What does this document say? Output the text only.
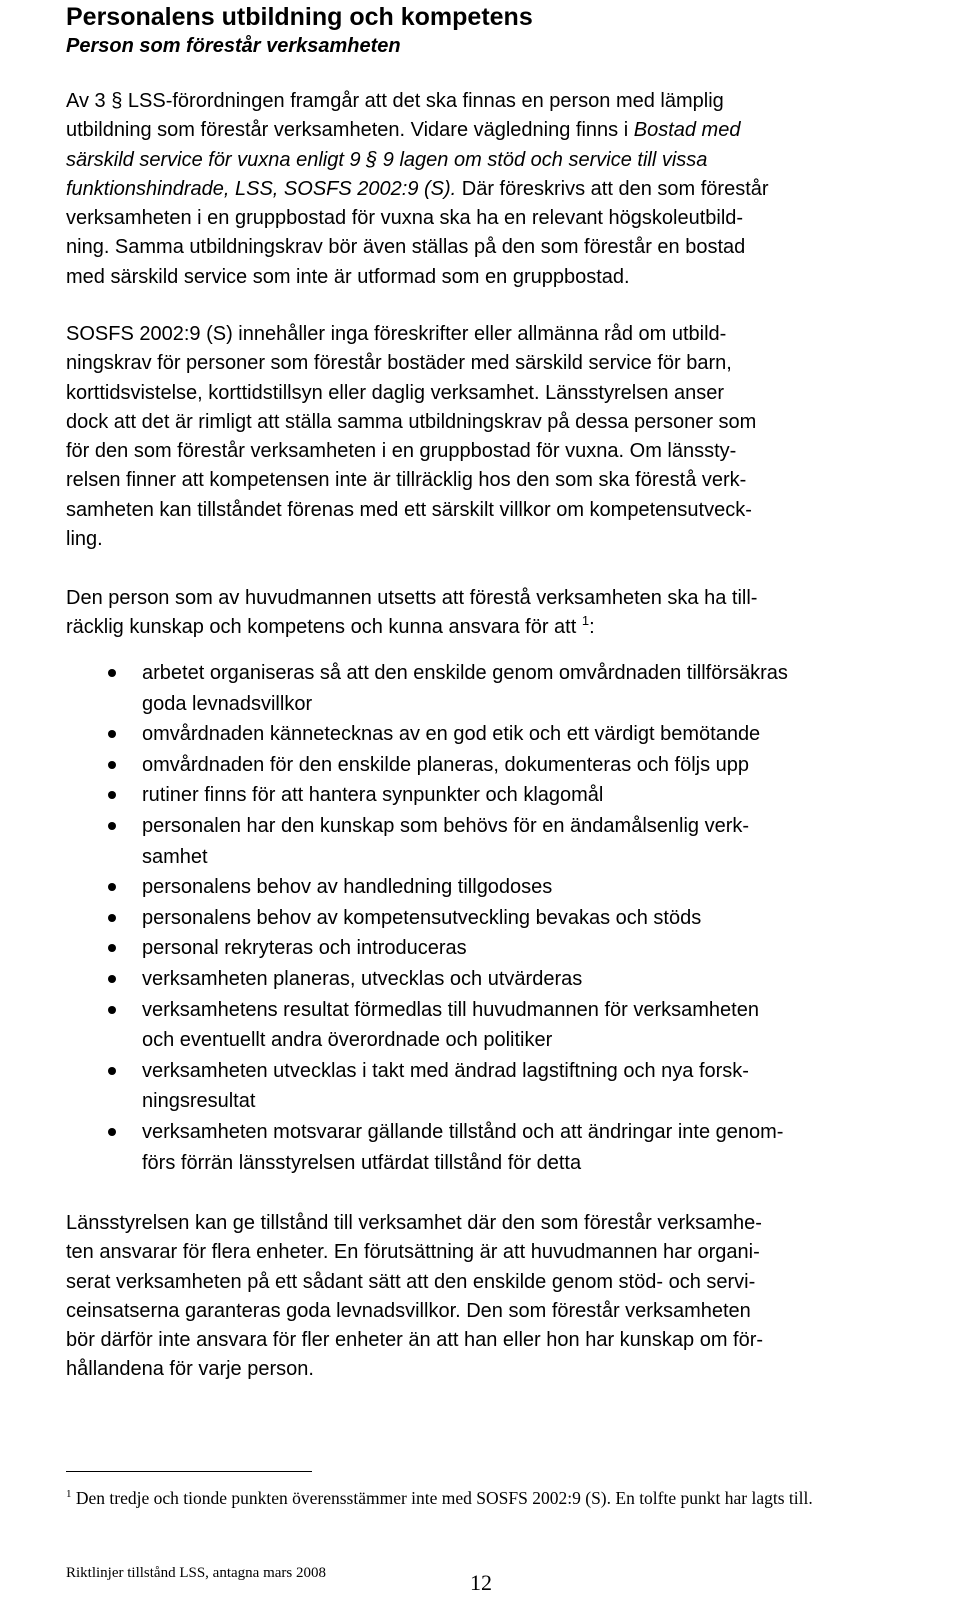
Personalens utbildning och kompetens
Person som förestår verksamheten
Av 3 § LSS-förordningen framgår att det ska finnas en person med lämplig
utbildning som förestår verksamheten. Vidare vägledning finns i Bostad med
särskild service för vuxna enligt 9 § 9 lagen om stöd och service till vissa
funktionshindrade, LSS, SOSFS 2002:9 (S). Där föreskrivs att den som förestår
verksamheten i en gruppbostad för vuxna ska ha en relevant högskoleutbild-
ning. Samma utbildningskrav bör även ställas på den som förestår en bostad
med särskild service som inte är utformad som en gruppbostad.
SOSFS 2002:9 (S) innehåller inga föreskrifter eller allmänna råd om utbild-
ningskrav för personer som förestår bostäder med särskild service för barn,
korttidsvistelse, korttidstillsyn eller daglig verksamhet. Länsstyrelsen anser
dock att det är rimligt att ställa samma utbildningskrav på dessa personer som
för den som förestår verksamheten i en gruppbostad för vuxna. Om länssty-
relsen finner att kompetensen inte är tillräcklig hos den som ska förestå verk-
samheten kan tillståndet förenas med ett särskilt villkor om kompetensutveck-
ling.
Den person som av huvudmannen utsetts att förestå verksamheten ska ha till-
räcklig kunskap och kompetens och kunna ansvara för att $^1$:
arbetet organiseras så att den enskilde genom omvårdnaden tillförsäkras
goda levnadsvillkor
omvårdnaden kännetecknas av en god etik och ett värdigt bemötande
omvårdnaden för den enskilde planeras, dokumenteras och följs upp
rutiner finns för att hantera synpunkter och klagomål
personalen har den kunskap som behövs för en ändamålsenlig verk-
samhet
personalens behov av handledning tillgodoses
personalens behov av kompetensutveckling bevakas och stöds
personal rekryteras och introduceras
verksamheten planeras, utvecklas och utvärderas
verksamhetens resultat förmedlas till huvudmannen för verksamheten
och eventuellt andra överordnade och politiker
verksamheten utvecklas i takt med ändrad lagstiftning och nya forsk-
ningsresultat
verksamheten motsvarar gällande tillstånd och att ändringar inte genom-
förs förrän länsstyrelsen utfärdat tillstånd för detta
Länsstyrelsen kan ge tillstånd till verksamhet där den som förestår verksamhe-
ten ansvarar för flera enheter. En förutsättning är att huvudmannen har organi-
serat verksamheten på ett sådant sätt att den enskilde genom stöd- och servi-
ceinsatserna garanteras goda levnadsvillkor. Den som förestår verksamheten
bör därför inte ansvara för fler enheter än att han eller hon har kunskap om för-
hållandena för varje person.
$^1$ Den tredje och tionde punkten överensstämmer inte med SOSFS 2002:9 (S). En tolfte punkt har lagts till.
Riktlinjer tillstånd LSS, antagna mars 2008	12
